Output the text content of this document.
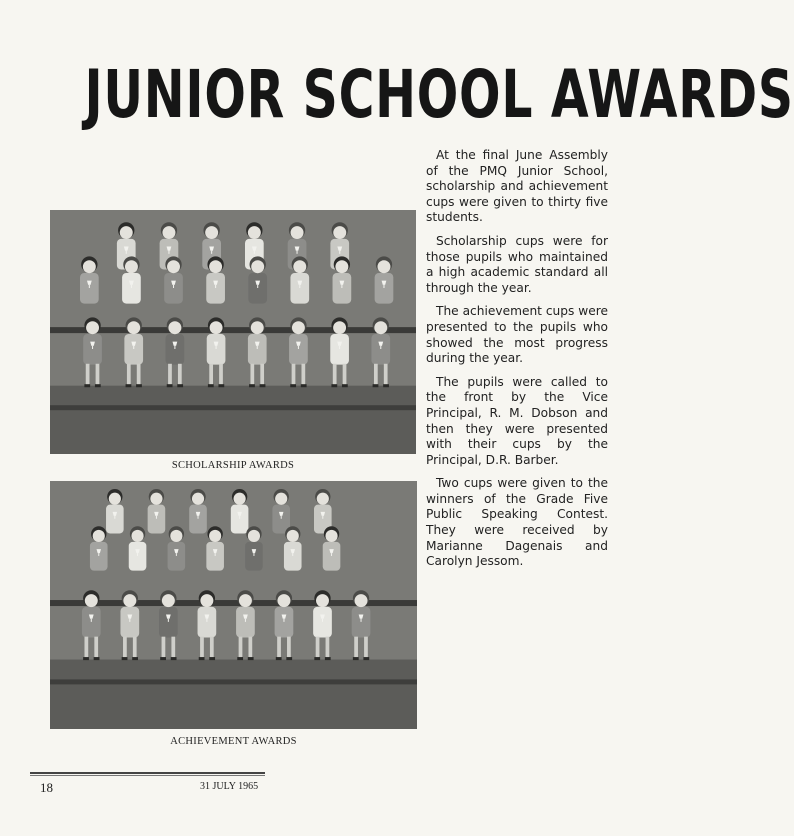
JUNIOR SCHOOL AWARDS
SCHOLARSHIP AWARDS
ACHIEVEMENT AWARDS

At the final June Assembly of the PMQ Junior School, scholarship and achievement cups were given to thirty five students.

Scholarship cups were for those pupils who maintained a high academic standard all through the year.

The achievement cups were presented to the pupils who showed the most progress during the year.

The pupils were called to the front by the Vice Principal, R. M. Dobson and then they were presented with their cups by the Principal, D.R. Barber.

Two cups were given to the winners of the Grade Five Public Speaking Contest. They were received by Marianne Dagenais and Carolyn Jessom.

18	31 JULY 1965
